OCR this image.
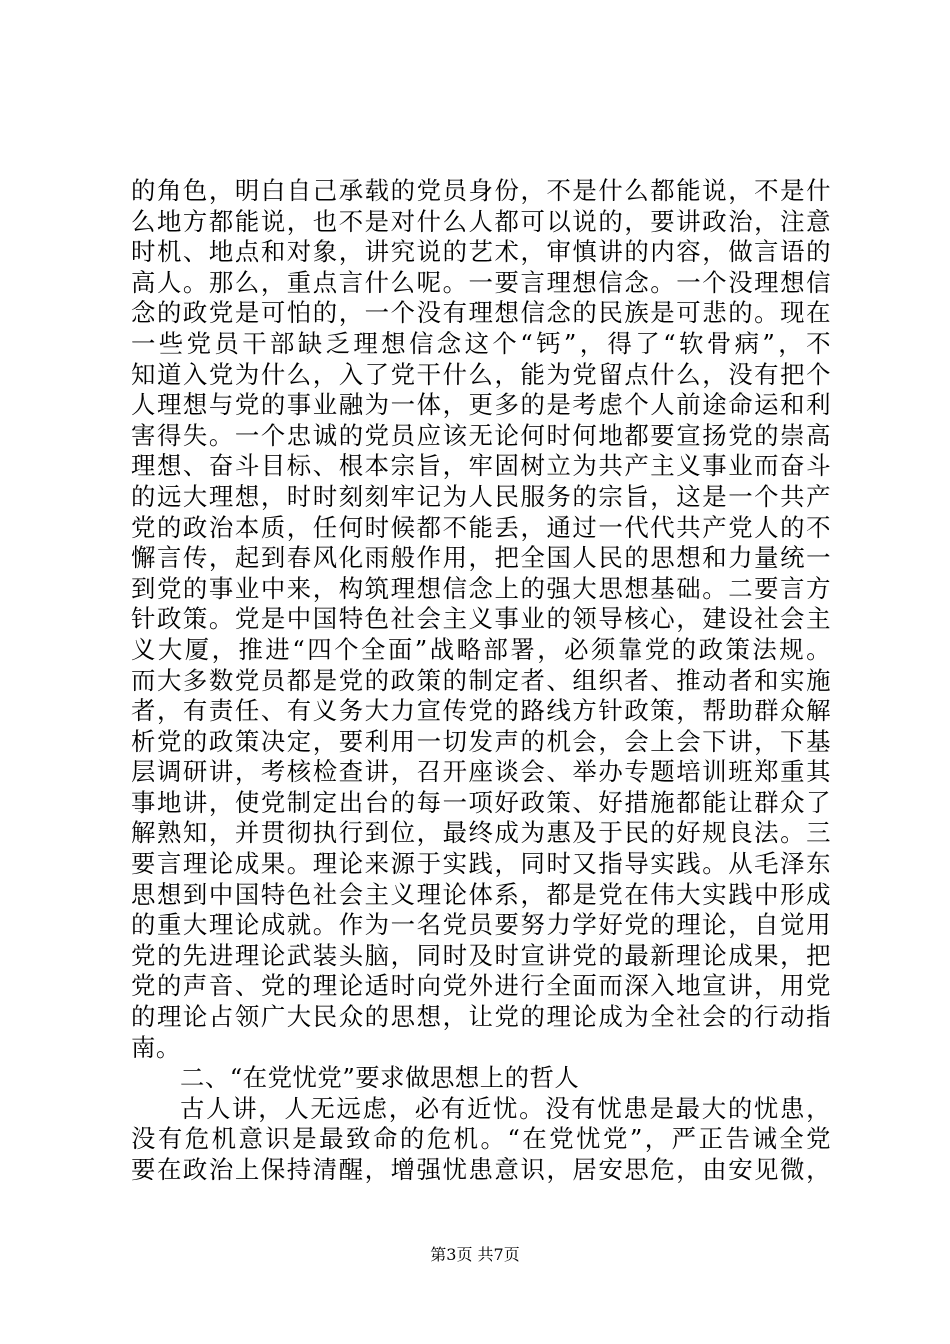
的角色，明白自己承载的党员身份，不是什么都能说，不是什
么地方都能说，也不是对什么人都可以说的，要讲政治，注意
时机、地点和对象，讲究说的艺术，审慎讲的内容，做言语的
高人。那么，重点言什么呢。一要言理想信念。一个没理想信
念的政党是可怕的，一个没有理想信念的民族是可悲的。现在
一些党员干部缺乏理想信念这个“钙”，得了“软骨病”，不
知道入党为什么，入了党干什么，能为党留点什么，没有把个
人理想与党的事业融为一体，更多的是考虑个人前途命运和利
害得失。一个忠诚的党员应该无论何时何地都要宣扬党的崇高
理想、奋斗目标、根本宗旨，牢固树立为共产主义事业而奋斗
的远大理想，时时刻刻牢记为人民服务的宗旨，这是一个共产
党的政治本质，任何时候都不能丢，通过一代代共产党人的不
懈言传，起到春风化雨般作用，把全国人民的思想和力量统一
到党的事业中来，构筑理想信念上的强大思想基础。二要言方
针政策。党是中国特色社会主义事业的领导核心，建设社会主
义大厦，推进“四个全面”战略部署，必须靠党的政策法规。
而大多数党员都是党的政策的制定者、组织者、推动者和实施
者，有责任、有义务大力宣传党的路线方针政策，帮助群众解
析党的政策决定，要利用一切发声的机会，会上会下讲，下基
层调研讲，考核检查讲，召开座谈会、举办专题培训班郑重其
事地讲，使党制定出台的每一项好政策、好措施都能让群众了
解熟知，并贯彻执行到位，最终成为惠及于民的好规良法。三
要言理论成果。理论来源于实践，同时又指导实践。从毛泽东
思想到中国特色社会主义理论体系，都是党在伟大实践中形成
的重大理论成就。作为一名党员要努力学好党的理论，自觉用
党的先进理论武装头脑，同时及时宣讲党的最新理论成果，把
党的声音、党的理论适时向党外进行全面而深入地宣讲，用党
的理论占领广大民众的思想，让党的理论成为全社会的行动指
南。
二、“在党忧党”要求做思想上的哲人
古人讲，人无远虑，必有近忧。没有忧患是最大的忧患，
没有危机意识是最致命的危机。“在党忧党”，严正告诫全党
要在政治上保持清醒，增强忧患意识，居安思危，由安见微，
第3页 共7页
